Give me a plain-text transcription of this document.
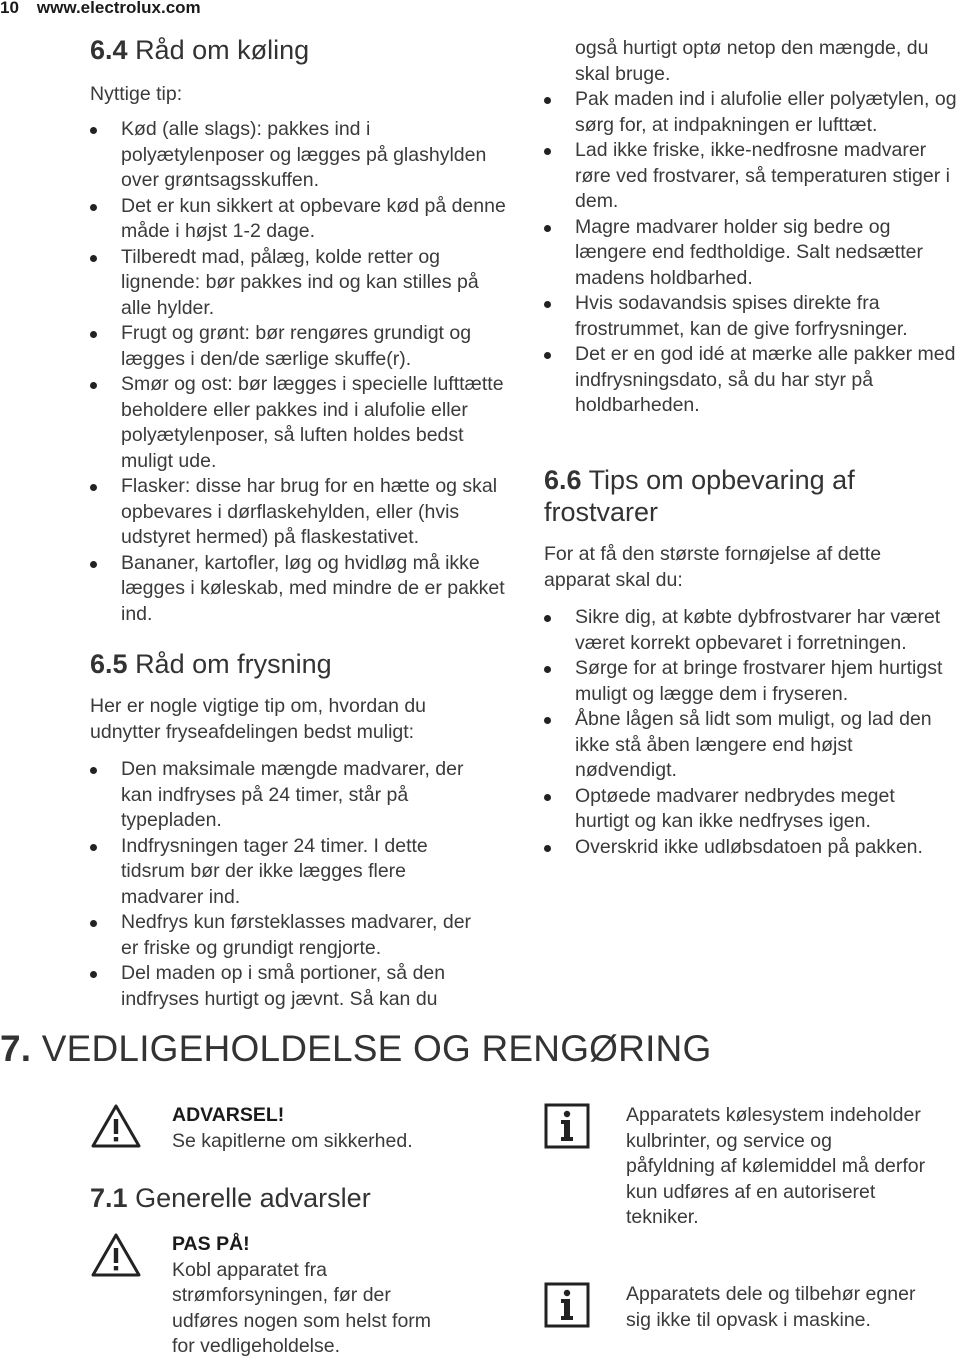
10 www.electrolux.com
6.4 Råd om køling

Nyttige tip:

Kød (alle slags): pakkes ind i polyætylenposer og lægges på glashylden over grøntsagsskuffen.
Det er kun sikkert at opbevare kød på denne måde i højst 1-2 dage.
Tilberedt mad, pålæg, kolde retter og lignende: bør pakkes ind og kan stilles på alle hylder.
Frugt og grønt: bør rengøres grundigt og lægges i den/de særlige skuffe(r).
Smør og ost: bør lægges i specielle lufttætte beholdere eller pakkes ind i alufolie eller polyætylenposer, så luften holdes bedst muligt ude.
Flasker: disse har brug for en hætte og skal opbevares i dørflaskehylden, eller (hvis udstyret hermed) på flaskestativet.
Bananer, kartofler, løg og hvidløg må ikke lægges i køleskab, med mindre de er pakket ind.
6.5 Råd om frysning

Her er nogle vigtige tip om, hvordan du udnytter fryseafdelingen bedst muligt:

Den maksimale mængde madvarer, der kan indfryses på 24 timer, står på typepladen.
Indfrysningen tager 24 timer. I dette tidsrum bør der ikke lægges flere madvarer ind.
Nedfrys kun førsteklasses madvarer, der er friske og grundigt rengjorte.
Del maden op i små portioner, så den indfryses hurtigt og jævnt. Så kan du

også hurtigt optø netop den mængde, du skal bruge.

Pak maden ind i alufolie eller polyætylen, og sørg for, at indpakningen er lufttæt.
Lad ikke friske, ikke-nedfrosne madvarer røre ved frostvarer, så temperaturen stiger i dem.
Magre madvarer holder sig bedre og længere end fedtholdige. Salt nedsætter madens holdbarhed.
Hvis sodavandsis spises direkte fra frostrummet, kan de give forfrysninger.
Det er en god idé at mærke alle pakker med indfrysningsdato, så du har styr på holdbarheden.
6.6 Tips om opbevaring af frostvarer

For at få den største fornøjelse af dette apparat skal du:

Sikre dig, at købte dybfrostvarer har været været korrekt opbevaret i forretningen.
Sørge for at bringe frostvarer hjem hurtigst muligt og lægge dem i fryseren.
Åbne lågen så lidt som muligt, og lad den ikke stå åben længere end højst nødvendigt.
Optøede madvarer nedbrydes meget hurtigt og kan ikke nedfryses igen.
Overskrid ikke udløbsdatoen på pakken.
7. VEDLIGEHOLDELSE OG RENGØRING
ADVARSEL!
Se kapitlerne om sikkerhed.
7.1 Generelle advarsler
PAS PÅ!
Kobl apparatet fra strømforsyningen, før der udføres nogen som helst form for vedligeholdelse.
Apparatets kølesystem indeholder kulbrinter, og service og påfyldning af kølemiddel må derfor kun udføres af en autoriseret tekniker.
Apparatets dele og tilbehør egner sig ikke til opvask i maskine.
